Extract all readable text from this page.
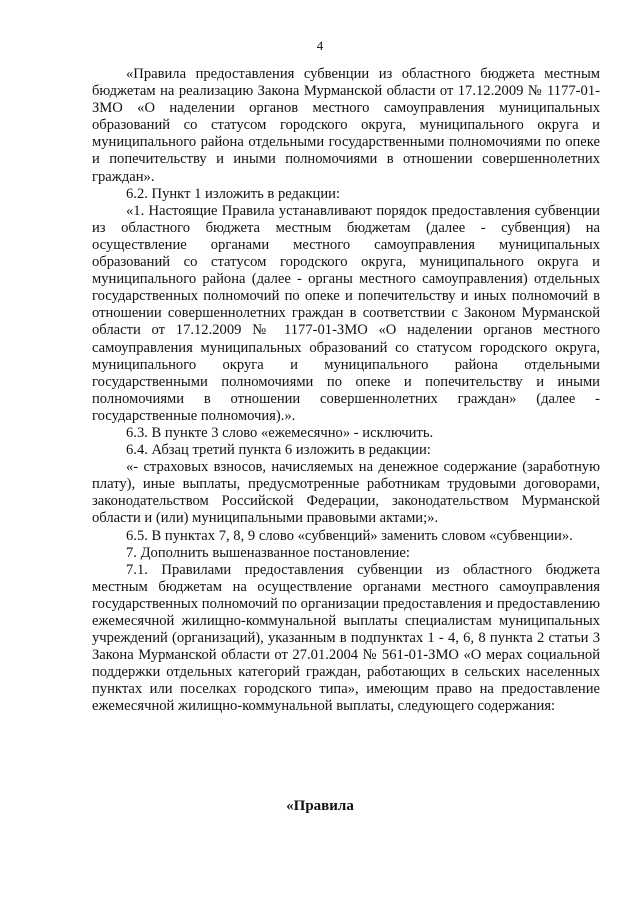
4

«Правила предоставления субвенции из областного бюджета местным бюджетам на реализацию Закона Мурманской области от 17.12.2009 № 1177-01-ЗМО «О наделении органов местного самоуправления муниципальных образований со статусом городского округа, муниципального округа и муниципального района отдельными государственными полномочиями по опеке и попечительству и иными полномочиями в отношении совершеннолетних граждан».

6.2. Пункт 1 изложить в редакции:

«1. Настоящие Правила устанавливают порядок предоставления субвенции из областного бюджета местным бюджетам (далее - субвенция) на осуществление органами местного самоуправления муниципальных образований со статусом городского округа, муниципального округа и муниципального района (далее - органы местного самоуправления) отдельных государственных полномочий по опеке и попечительству и иных полномочий в отношении совершеннолетних граждан в соответствии с Законом Мурманской области от 17.12.2009 № 1177-01-ЗМО «О наделении органов местного самоуправления муниципальных образований со статусом городского округа, муниципального округа и муниципального района отдельными государственными полномочиями по опеке и попечительству и иными полномочиями в отношении совершеннолетних граждан» (далее - государственные полномочия).».

6.3. В пункте 3 слово «ежемесячно» - исключить.

6.4. Абзац третий пункта 6 изложить в редакции:

«- страховых взносов, начисляемых на денежное содержание (заработную плату), иные выплаты, предусмотренные работникам трудовыми договорами, законодательством Российской Федерации, законодательством Мурманской области и (или) муниципальными правовыми актами;».

6.5. В пунктах 7, 8, 9 слово «субвенций» заменить словом «субвенции».

7. Дополнить вышеназванное постановление:

7.1. Правилами предоставления субвенции из областного бюджета местным бюджетам на осуществление органами местного самоуправления государственных полномочий по организации предоставления и предоставлению ежемесячной жилищно-коммунальной выплаты специалистам муниципальных учреждений (организаций), указанным в подпунктах 1 - 4, 6, 8 пункта 2 статьи 3 Закона Мурманской области от 27.01.2004 № 561-01-ЗМО «О мерах социальной поддержки отдельных категорий граждан, работающих в сельских населенных пунктах или поселках городского типа», имеющим право на предоставление ежемесячной жилищно-коммунальной выплаты, следующего содержания:

«Правила
